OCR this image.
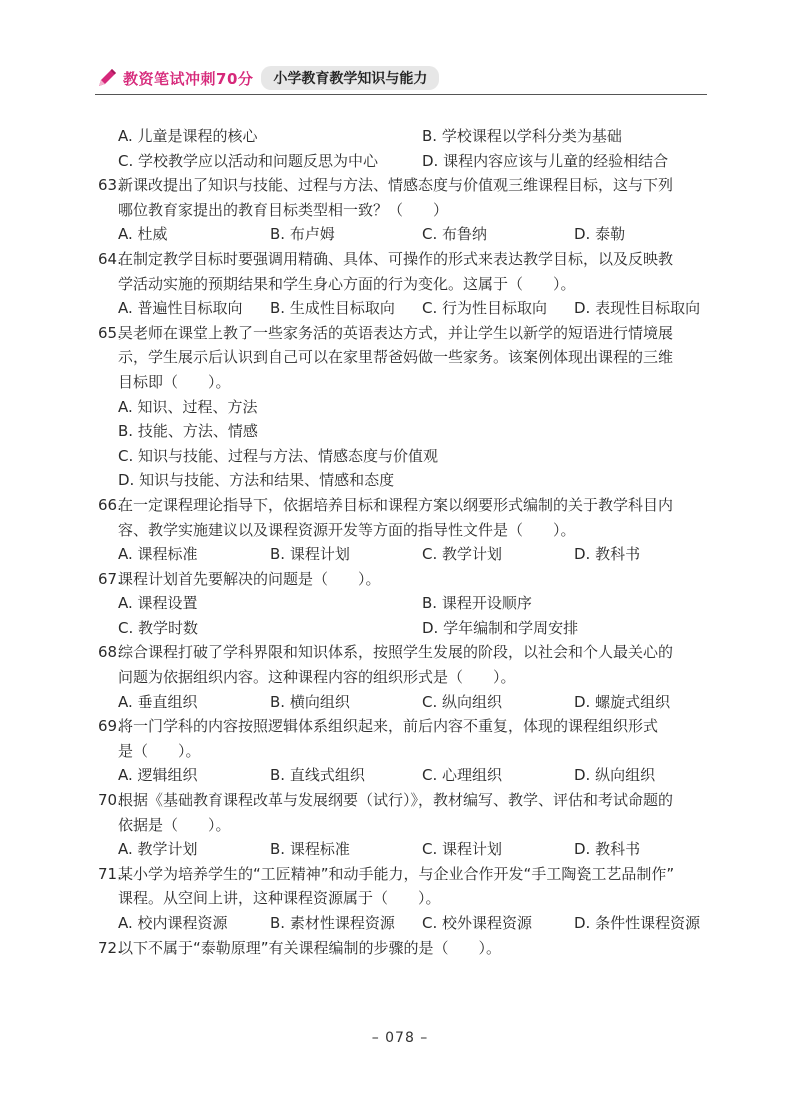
教资笔试冲刺70分	小学教育教学知识与能力
A. 儿童是课程的核心	B. 学校课程以学科分类为基础
C. 学校教学应以活动和问题反思为中心	D. 课程内容应该与儿童的经验相结合
63.
新课改提出了知识与技能、过程与方法、情感态度与价值观三维课程目标，这与下列
哪位教育家提出的教育目标类型相一致？（　　）
A. 杜威	B. 布卢姆	C. 布鲁纳	D. 泰勒
64.
在制定教学目标时要强调用精确、具体、可操作的形式来表达教学目标，以及反映教
学活动实施的预期结果和学生身心方面的行为变化。这属于（　　）。
A. 普遍性目标取向	B. 生成性目标取向	C. 行为性目标取向	D. 表现性目标取向
65.
吴老师在课堂上教了一些家务活的英语表达方式，并让学生以新学的短语进行情境展
示，学生展示后认识到自己可以在家里帮爸妈做一些家务。该案例体现出课程的三维
目标即（　　）。
A. 知识、过程、方法
B. 技能、方法、情感
C. 知识与技能、过程与方法、情感态度与价值观
D. 知识与技能、方法和结果、情感和态度
66.
在一定课程理论指导下，依据培养目标和课程方案以纲要形式编制的关于教学科目内
容、教学实施建议以及课程资源开发等方面的指导性文件是（　　）。
A. 课程标准	B. 课程计划	C. 教学计划	D. 教科书
67.
课程计划首先要解决的问题是（　　）。
A. 课程设置	B. 课程开设顺序
C. 教学时数	D. 学年编制和学周安排
68.
综合课程打破了学科界限和知识体系，按照学生发展的阶段，以社会和个人最关心的
问题为依据组织内容。这种课程内容的组织形式是（　　）。
A. 垂直组织	B. 横向组织	C. 纵向组织	D. 螺旋式组织
69.
将一门学科的内容按照逻辑体系组织起来，前后内容不重复，体现的课程组织形式
是（　　）。
A. 逻辑组织	B. 直线式组织	C. 心理组织	D. 纵向组织
70.
根据《基础教育课程改革与发展纲要（试行）》，教材编写、教学、评估和考试命题的
依据是（　　）。
A. 教学计划	B. 课程标准	C. 课程计划	D. 教科书
71.
某小学为培养学生的“工匠精神”和动手能力，与企业合作开发“手工陶瓷工艺品制作”
课程。从空间上讲，这种课程资源属于（　　）。
A. 校内课程资源	B. 素材性课程资源	C. 校外课程资源	D. 条件性课程资源
72.
以下不属于“泰勒原理”有关课程编制的步骤的是（　　）。
– 078 –
